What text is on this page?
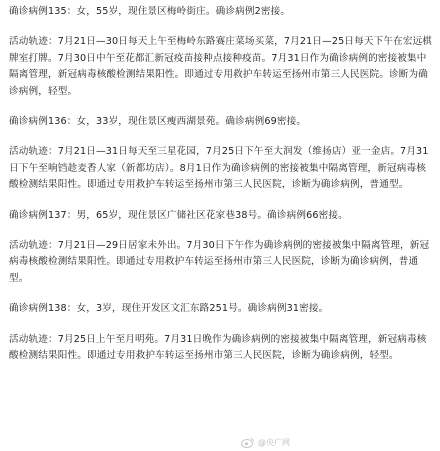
确诊病例135：女，55岁，现住景区梅岭街庄。确诊病例2密接。

活动轨迹：7月21日—30日每天上午至梅岭东路赛庄菜场买菜，7月21日—25日每天下午在宏远棋牌室打牌。7月30日中午至花都汇新冠疫苗接种点接种疫苗。7月31日作为确诊病例的密接被集中隔离管理，新冠病毒核酸检测结果阳性。即通过专用救护车转运至扬州市第三人民医院。诊断为确诊病例，轻型。

确诊病例136：女，33岁，现住景区瘦西湖景苑。确诊病例69密接。

活动轨迹：7月21日—31日每天至三星花园，7月25日下午至大润发（维扬店）亚一金店。7月31日下午至响铛趁麦香人家（新都坊店）。8月1日作为确诊病例的密接被集中隔离管理，新冠病毒核酸检测结果阳性。即通过专用救护车转运至扬州市第三人民医院，诊断为确诊病例，普通型。

确诊病例137：男，65岁，现住景区广储社区花家巷38号。确诊病例66密接。

活动轨迹：7月21日—29日居家未外出。7月30日下午作为确诊病例的密接被集中隔离管理，新冠病毒核酸检测结果阳性。即通过专用救护车转运至扬州市第三人民医院，诊断为确诊病例，普通型。

确诊病例138：女，3岁，现住开发区文汇东路251号。确诊病例31密接。

活动轨迹：7月25日上午至月明苑。7月31日晚作为确诊病例的密接被集中隔离管理，新冠病毒核酸检测结果阳性。即通过专用救护车转运至扬州市第三人民医院，诊断为确诊病例，轻型。

@央广网
